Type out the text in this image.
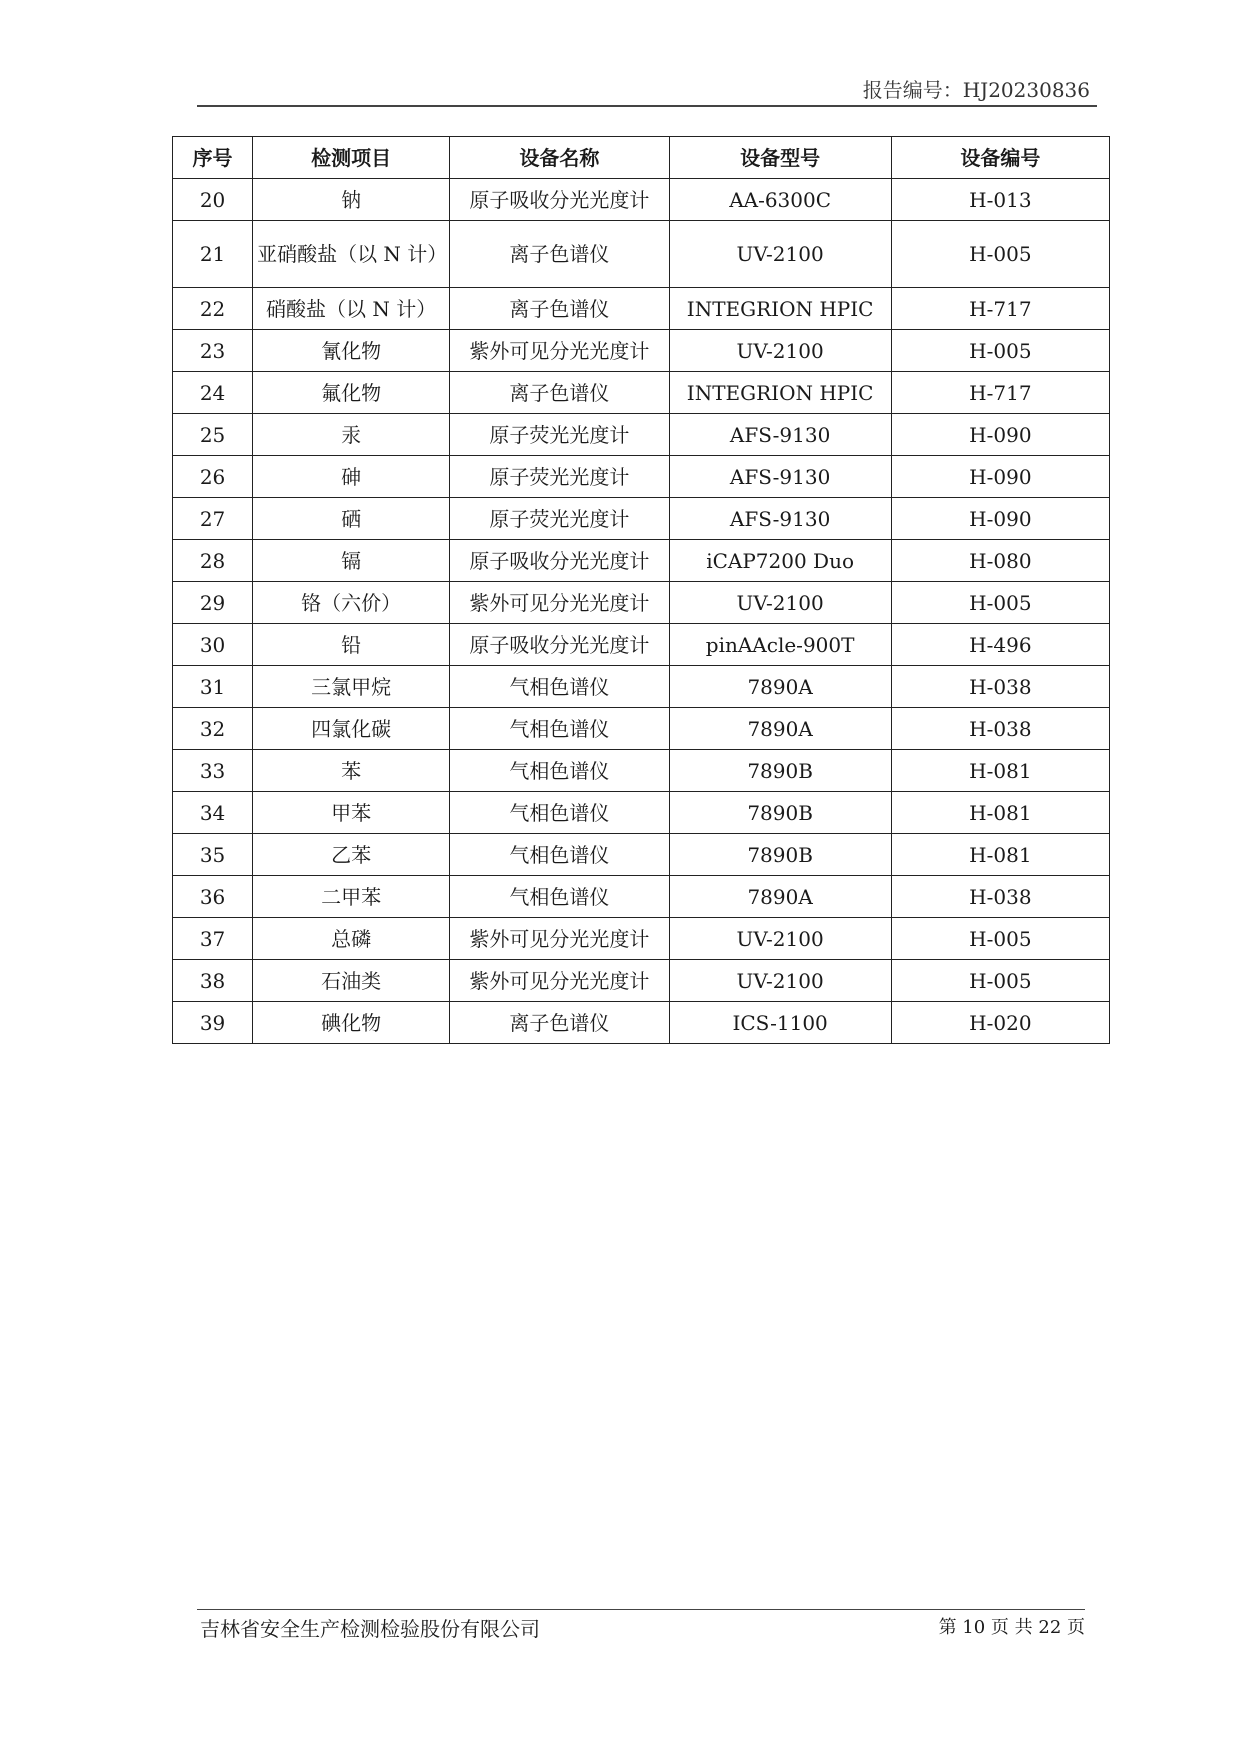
报告编号：HJ20230836
序号	检测项目	设备名称	设备型号	设备编号
20	钠	原子吸收分光光度计	AA-6300C	H-013
21	亚硝酸盐（以 N 计）	离子色谱仪	UV-2100	H-005
22	硝酸盐（以 N 计）	离子色谱仪	INTEGRION HPIC	H-717
23	氰化物	紫外可见分光光度计	UV-2100	H-005
24	氟化物	离子色谱仪	INTEGRION HPIC	H-717
25	汞	原子荧光光度计	AFS-9130	H-090
26	砷	原子荧光光度计	AFS-9130	H-090
27	硒	原子荧光光度计	AFS-9130	H-090
28	镉	原子吸收分光光度计	iCAP7200 Duo	H-080
29	铬（六价）	紫外可见分光光度计	UV-2100	H-005
30	铅	原子吸收分光光度计	pinAAcle-900T	H-496
31	三氯甲烷	气相色谱仪	7890A	H-038
32	四氯化碳	气相色谱仪	7890A	H-038
33	苯	气相色谱仪	7890B	H-081
34	甲苯	气相色谱仪	7890B	H-081
35	乙苯	气相色谱仪	7890B	H-081
36	二甲苯	气相色谱仪	7890A	H-038
37	总磷	紫外可见分光光度计	UV-2100	H-005
38	石油类	紫外可见分光光度计	UV-2100	H-005
39	碘化物	离子色谱仪	ICS-1100	H-020
吉林省安全生产检测检验股份有限公司	第 10 页 共 22 页
